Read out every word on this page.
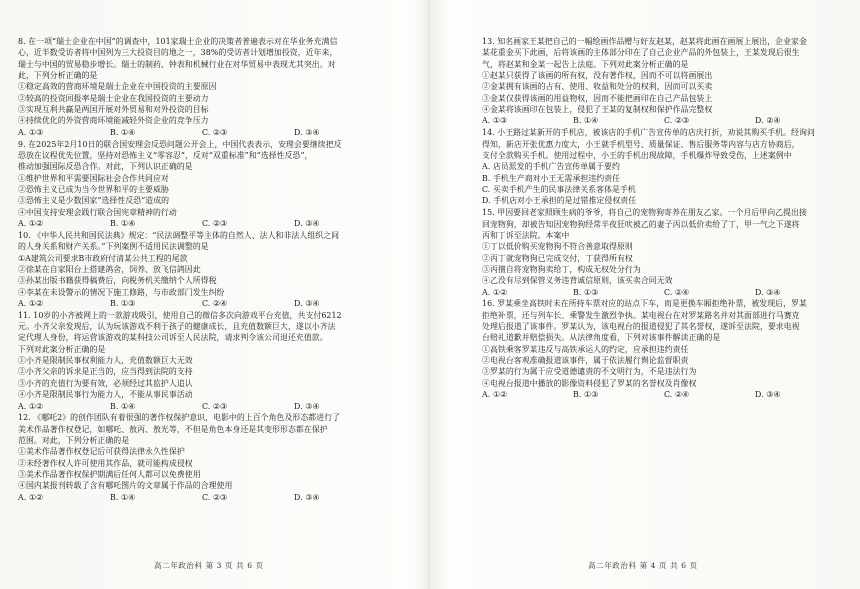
8. 在一项“瑞士企业在中国”的调查中，101家瑞士企业的决策者普遍表示对在华业务充满信
心，近半数受访者将中国列为三大投资目的地之一，38%的受访者计划增加投资，近年来，
瑞士与中国的贸易稳步增长。瑞士的制药、钟表和机械行业在对华贸易中表现尤其突出。对
此，下列分析正确的是
①稳定高效的营商环境是瑞士企业在中国投资的主要原因
②较高的投资回报率是瑞士企业在我国投资的主要动力
③实现互利共赢是两国开展对外贸易和对外投资的目标
④持续优化的外资营商环境能减轻外资企业的竞争压力
A. ①③	B. ①④	C. ②③	D. ③④
9. 在2025年2月10日的联合国安理会反恐问题公开会上，中国代表表示，安理会要继续把反
恐放在议程优先位置，坚持对恐怖主义“零容忍”，反对“双重标准”和“选择性反恐”，
推动加强国际反恐合作。对此，下列认识正确的是
①维护世界和平需要国际社会合作共同应对
②恐怖主义已成为当今世界和平的主要威胁
③恐怖主义是少数国家“选择性反恐”造成的
④中国支持安理会践行联合国宪章精神的行动
A. ①②	B. ①④	C. ②③	D. ③④
10. 《中华人民共和国民法典》规定：“民法调整平等主体的自然人、法人和非法人组织之间
的人身关系和财产关系。”下列案例不适用民法调整的是
①A建筑公司要求B市政府付清某公共工程的尾款
②徐某在自家阳台上搭建鸽舍，饲养、放飞信鸽因此
③孙某出版书籍获得稿费后，向税务机关缴纳个人所得税
④李某在未设警示的情况下施工修路，与市政部门发生纠纷
A. ①②	B. ①③	C. ②④	D. ③④
11. 10岁的小齐被网上的一款游戏吸引，使用自己的微信多次向游戏平台充值，共支付6212
元。小齐父亲发现后，认为玩该游戏不利于孩子的健康成长，且充值数额巨大，遂以小齐法
定代理人身份，将运营该游戏的某科技公司诉至人民法院，请求判令该公司退还充值款。
下列对此案分析正确的是
①小齐是限制民事权利能力人，充值数额巨大无效
②小齐父亲的诉求是正当的，应当得到法院的支持
③小齐的充值行为要有效，必须经过其监护人追认
④小齐是限制民事行为能力人，不能从事民事活动
A. ①②	B. ①④	C. ②③	D. ③④
12. 《哪吒2》的创作团队有着很强的著作权保护意识，电影中的上百个角色及形态都进行了
美术作品著作权登记，如哪吒、敖丙、敖光等，不但是角色本身还是其变形形态都在保护
范围。对此，下列分析正确的是
①美术作品著作权登记后可获得法律永久性保护
②未经著作权人许可使用其作品，就可能构成侵权
③美术作品著作权保护期满后任何人都可以免费使用
④国内某报刊转载了含有哪吒图片的文章属于作品的合理使用
A. ①②	B. ①④	C. ②③	D. ③④
13. 知名画家王某把自己的一幅绘画作品赠与好友赵某，赵某将此画在画展上展出，企业家金
某花重金买下此画，后将该画的主体部分印在了自己企业产品的外包装上，王某发现后很生
气，将赵某和金某一起告上法庭。下列对此案分析正确的是
①赵某只获得了该画的所有权，没有著作权，因而不可以将画展出
②金某拥有该画的占有、使用、收益和处分的权利，因而可以买卖
③金某仅获得该画的用益物权，因而不能把画印在自己产品包装上
④金某将该画印在包装上，侵犯了王某的复制权和保护作品完整权
A. ①③	B. ①④	C. ②③	D. ②④
14. 小王路过某新开的手机店，被该店的手机广告宣传单的店庆打折，劝说其购买手机。经询问
得知，新店开张优惠力度大，小王就手机型号、质量保证、售后服务等内容与店方协商后，
支付全款购买手机。使用过程中，小王的手机出现故障，手机爆炸导致受伤，上述案例中
A. 店员派发的手机广告宣传单属于要约
B. 手机生产商对小王无需承担违约责任
C. 买卖手机产生的民事法律关系客体是手机
D. 手机店对小王承担的是过错推定侵权责任
15. 甲因要回老家照顾生病的爷爷，将自己的宠物狗寄养在朋友乙家。一个月后甲向乙提出接
回宠物狗，却被告知因宠物狗经常半夜狂吠被乙的妻子丙以低价卖给了丁，甲一气之下遂将
丙和丁诉至法院。本案中
①丁以低价购买宠物狗不符合善意取得原则
②丙丁就宠物狗已完成交付，丁获得所有权
③丙擅自将宠物狗卖给丁，构成无权处分行为
④乙没有尽到保管义务违背诚信原则，该买卖合同无效
A. ①②	B. ①③	C. ②④	D. ③④
16. 罗某乘坐高铁时未在所持车票对应的站点下车，而是更换车厢拒绝补票，被发现后，罗某
拒绝补票，还与列车长、乘警发生激烈争执。某电视台在对罗某路名并对其面部进行马赛克
处理后报道了该事件。罗某认为，该电视台的报道侵犯了其名誉权，遂诉至法院，要求电视
台赔礼道歉并赔偿损失。从法律角度看，下列对该事件解读正确的是
①高铁乘客罗某违反与高铁承运人的约定，应承担违约责任
②电视台客观准确报道该事件，属于依法履行舆论监督职责
③罗某的行为属于应受道德谴责的不文明行为，不是违法行为
④电视台报道中播放的影像资料侵犯了罗某的名誉权及肖像权
A. ①②	B. ①③	C. ②④	D. ③④
高二年政治科 第 3 页 共 6 页	高二年政治科 第 4 页 共 6 页
